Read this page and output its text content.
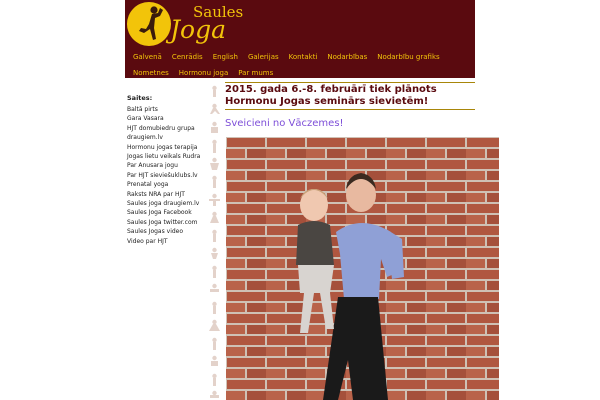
Saules
Joga
Galvenā	Cenrādis	English	Galerijas	Kontakti	Nodarbības	Nodarbību grafiks
Nometnes	Hormonu joga	Par mums
Saites:
Baltā pirts
Gara Vasara
HJT domubiedru grupa draugiem.lv
Hormonu jogas terapija
Jogas lietu veikals Rudra
Par Anusara jogu
Par HJT sieviešuklubs.lv
Prenatal yoga
Raksts NRA par HJT
Saules joga draugiem.lv
Saules Joga Facebook
Saules Joga twitter.com
Saules Jogas video
Video par HJT
2015. gada 6.-8. februārī tiek plānots Hormonu Jogas seminārs sievietēm!
Sveicieni no Vāczemes!
